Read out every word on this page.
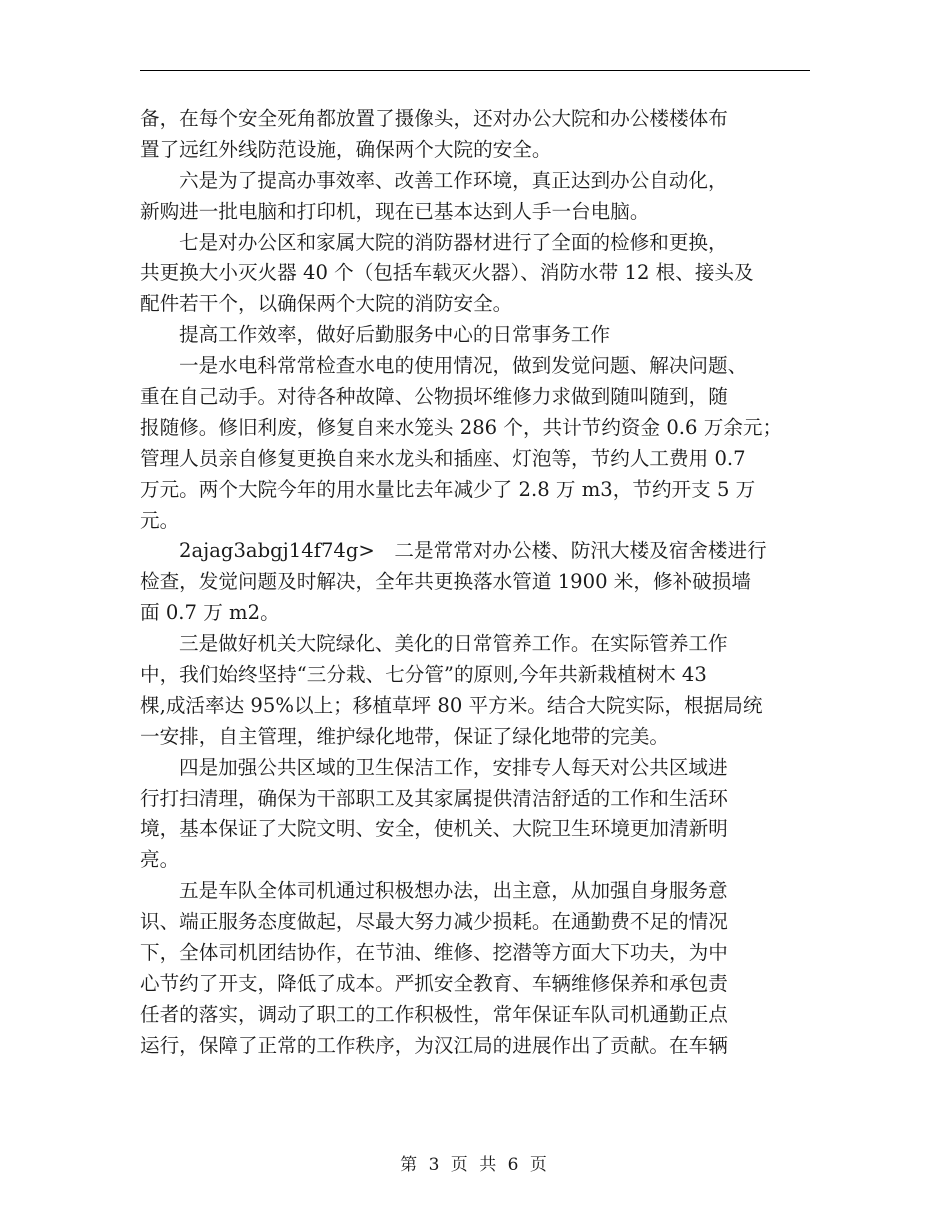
备，在每个安全死角都放置了摄像头，还对办公大院和办公楼楼体布
置了远红外线防范设施，确保两个大院的安全。
六是为了提高办事效率、改善工作环境，真正达到办公自动化，
新购进一批电脑和打印机，现在已基本达到人手一台电脑。
七是对办公区和家属大院的消防器材进行了全面的检修和更换，
共更换大小灭火器 40 个（包括车载灭火器）、消防水带 12 根、接头及
配件若干个，以确保两个大院的消防安全。
提高工作效率，做好后勤服务中心的日常事务工作
一是水电科常常检查水电的使用情况，做到发觉问题、解决问题、
重在自己动手。对待各种故障、公物损坏维修力求做到随叫随到，随
报随修。修旧利废，修复自来水笼头 286 个，共计节约资金 0.6 万余元；
管理人员亲自修复更换自来水龙头和插座、灯泡等，节约人工费用 0.7
万元。两个大院今年的用水量比去年减少了 2.8 万 m3，节约开支 5 万
元。
2ajag3abgj14f74g>　二是常常对办公楼、防汛大楼及宿舍楼进行
检查，发觉问题及时解决，全年共更换落水管道 1900 米，修补破损墙
面 0.7 万 m2。
三是做好机关大院绿化、美化的日常管养工作。在实际管养工作
中，我们始终坚持“三分栽、七分管”的原则,今年共新栽植树木 43
棵,成活率达 95%以上；移植草坪 80 平方米。结合大院实际，根据局统
一安排，自主管理，维护绿化地带，保证了绿化地带的完美。
四是加强公共区域的卫生保洁工作，安排专人每天对公共区域进
行打扫清理，确保为干部职工及其家属提供清洁舒适的工作和生活环
境，基本保证了大院文明、安全，使机关、大院卫生环境更加清新明
亮。
五是车队全体司机通过积极想办法，出主意，从加强自身服务意
识、端正服务态度做起，尽最大努力减少损耗。在通勤费不足的情况
下，全体司机团结协作，在节油、维修、挖潜等方面大下功夫，为中
心节约了开支，降低了成本。严抓安全教育、车辆维修保养和承包责
任者的落实，调动了职工的工作积极性，常年保证车队司机通勤正点
运行，保障了正常的工作秩序，为汉江局的进展作出了贡献。在车辆
第 3 页 共 6 页
